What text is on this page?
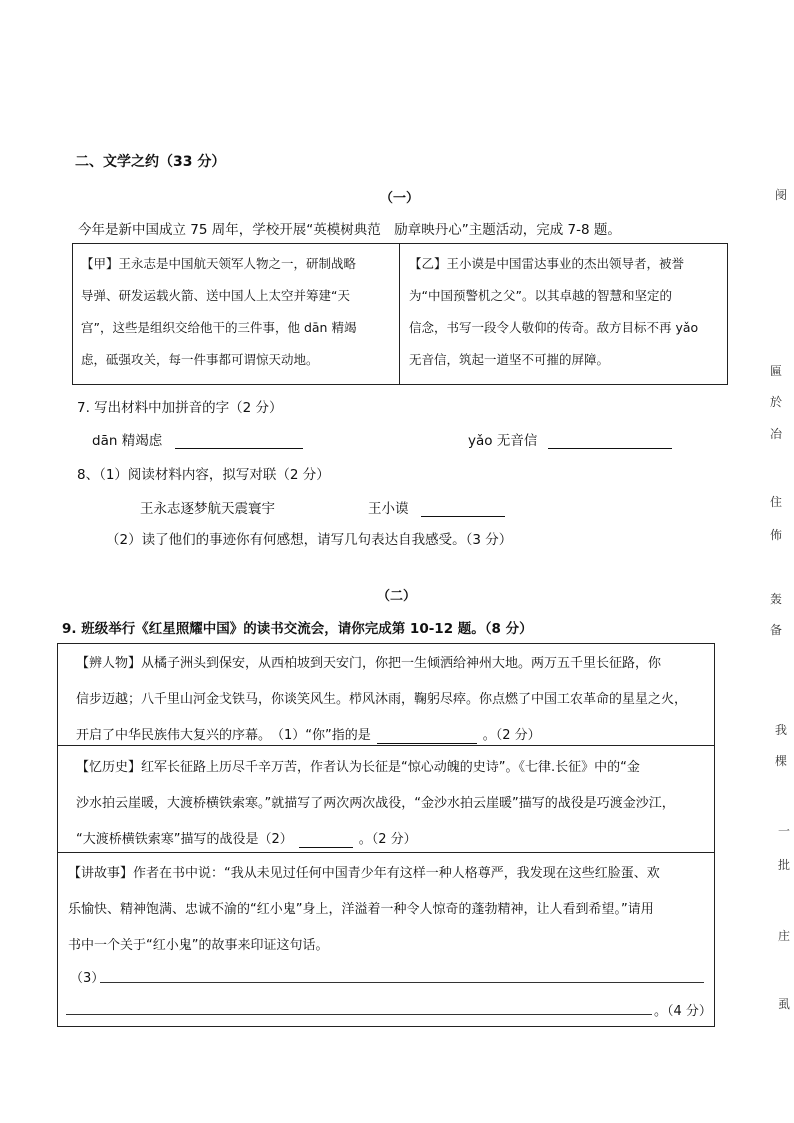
二、文学之约（33 分）
（一）
今年是新中国成立 75 周年，学校开展“英模树典范　励章映丹心”主题活动，完成 7-8 题。
【甲】王永志是中国航天领军人物之一，研制战略
导弹、研发运载火箭、送中国人上太空并筹建“天
宫”，这些是组织交给他干的三件事，他 dān 精竭
虑，砥强攻关，每一件事都可谓惊天动地。
【乙】王小谟是中国雷达事业的杰出领导者，被誉
为“中国预警机之父”。以其卓越的智慧和坚定的
信念，书写一段令人敬仰的传奇。敌方目标不再 yǎo
无音信，筑起一道坚不可摧的屏障。
7. 写出材料中加拼音的字（2 分）
dān 精竭虑	yǎo 无音信
8、（1）阅读材料内容，拟写对联（2 分）
王永志逐梦航天震寰宇	王小谟
（2）读了他们的事迹你有何感想，请写几句表达自我感受。（3 分）
（二）
9. 班级举行《红星照耀中国》的读书交流会，请你完成第 10-12 题。（8 分）
【辨人物】从橘子洲头到保安，从西柏坡到天安门，你把一生倾洒给神州大地。两万五千里长征路，你
信步迈越；八千里山河金戈铁马，你谈笑风生。栉风沐雨，鞠躬尽瘁。你点燃了中国工农革命的星星之火，
开启了中华民族伟大复兴的序幕。　（1）“你”指的是	。（2 分）
【忆历史】红军长征路上历尽千辛万苦，作者认为长征是“惊心动魄的史诗”。《七律.长征》中的“金
沙水拍云崖暖，大渡桥横铁索寒。”就描写了两次两次战役，“金沙水拍云崖暖”描写的战役是巧渡金沙江，
“大渡桥横铁索寒”描写的战役是（2）	。（2 分）
【讲故事】作者在书中说：“我从未见过任何中国青少年有这样一种人格尊严，我发现在这些红脸蛋、欢
乐愉快、精神饱满、忠诚不渝的“红小鬼”身上，洋溢着一种令人惊奇的蓬勃精神，让人看到希望。”请用
书中一个关于“红小鬼”的故事来印证这句话。
（3）
。（4 分）
阌
匾
於
冶
住
佈
轰
备
我
棵
一
批
庄
虱
